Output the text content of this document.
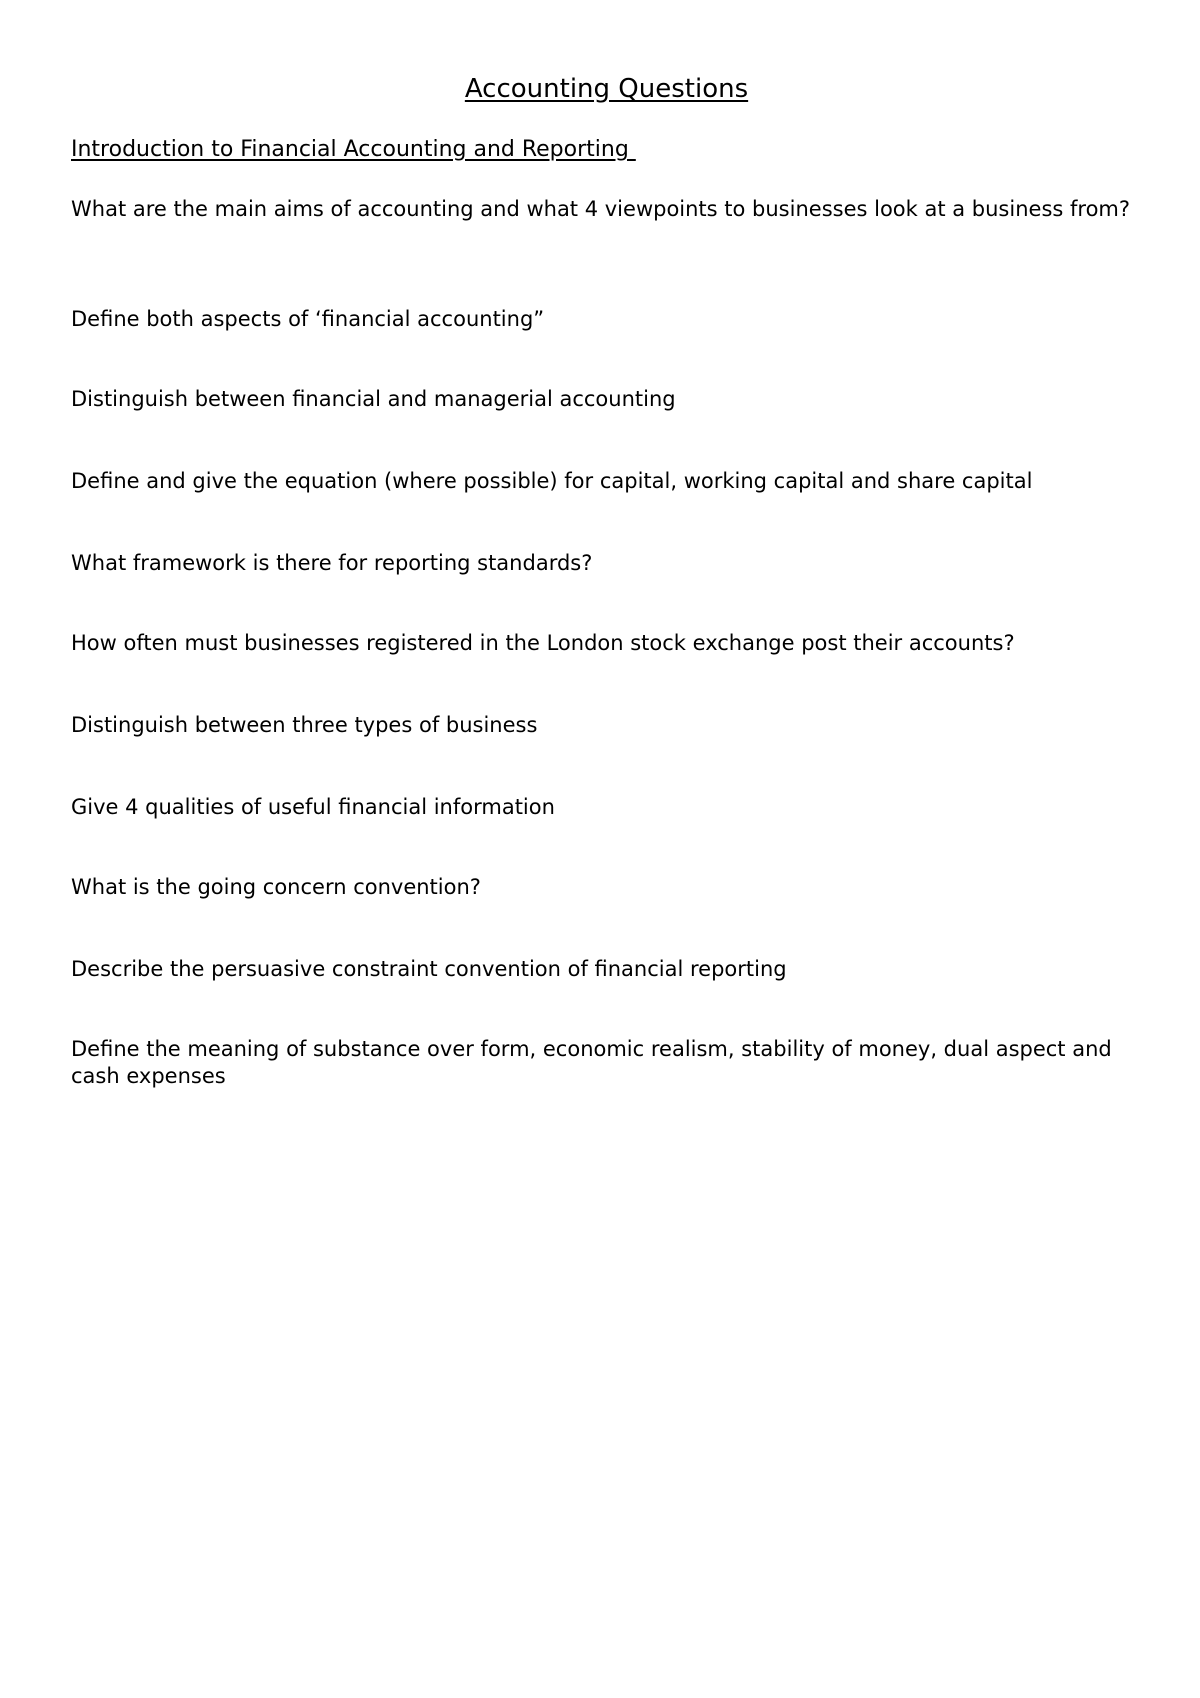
Accounting Questions
Introduction to Financial Accounting and Reporting

What are the main aims of accounting and what 4 viewpoints to businesses look at a business from?

Define both aspects of ‘financial accounting”

Distinguish between financial and managerial accounting

Define and give the equation (where possible) for capital, working capital and share capital

What framework is there for reporting standards?

How often must businesses registered in the London stock exchange post their accounts?

Distinguish between three types of business

Give 4 qualities of useful financial information

What is the going concern convention?

Describe the persuasive constraint convention of financial reporting

Define the meaning of substance over form, economic realism, stability of money, dual aspect and cash expenses
